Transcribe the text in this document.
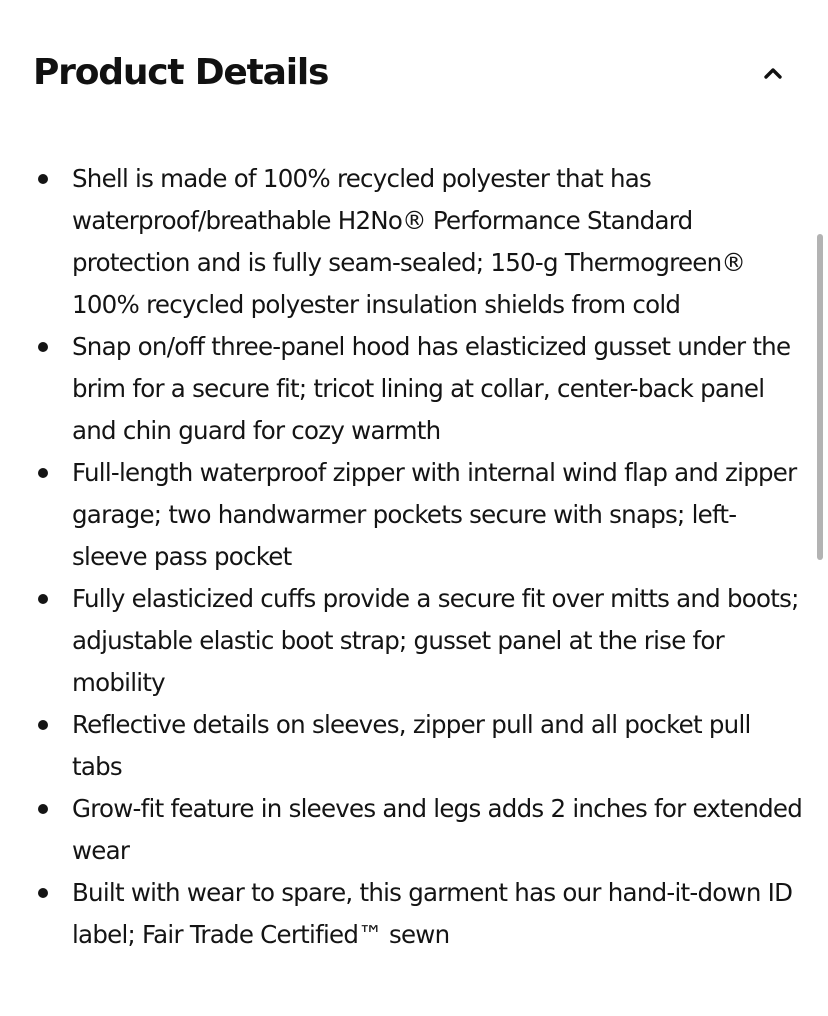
Product Details
Shell is made of 100% recycled polyester that has waterproof/breathable H2No® Performance Standard protection and is fully seam-sealed; 150-g Thermogreen® 100% recycled polyester insulation shields from cold
Snap on/off three-panel hood has elasticized gusset under the brim for a secure fit; tricot lining at collar, center-back panel and chin guard for cozy warmth
Full-length waterproof zipper with internal wind flap and zipper garage; two handwarmer pockets secure with snaps; left-sleeve pass pocket
Fully elasticized cuffs provide a secure fit over mitts and boots; adjustable elastic boot strap; gusset panel at the rise for mobility
Reflective details on sleeves, zipper pull and all pocket pull tabs
Grow-fit feature in sleeves and legs adds 2 inches for extended wear
Built with wear to spare, this garment has our hand-it-down ID label; Fair Trade Certified™ sewn
